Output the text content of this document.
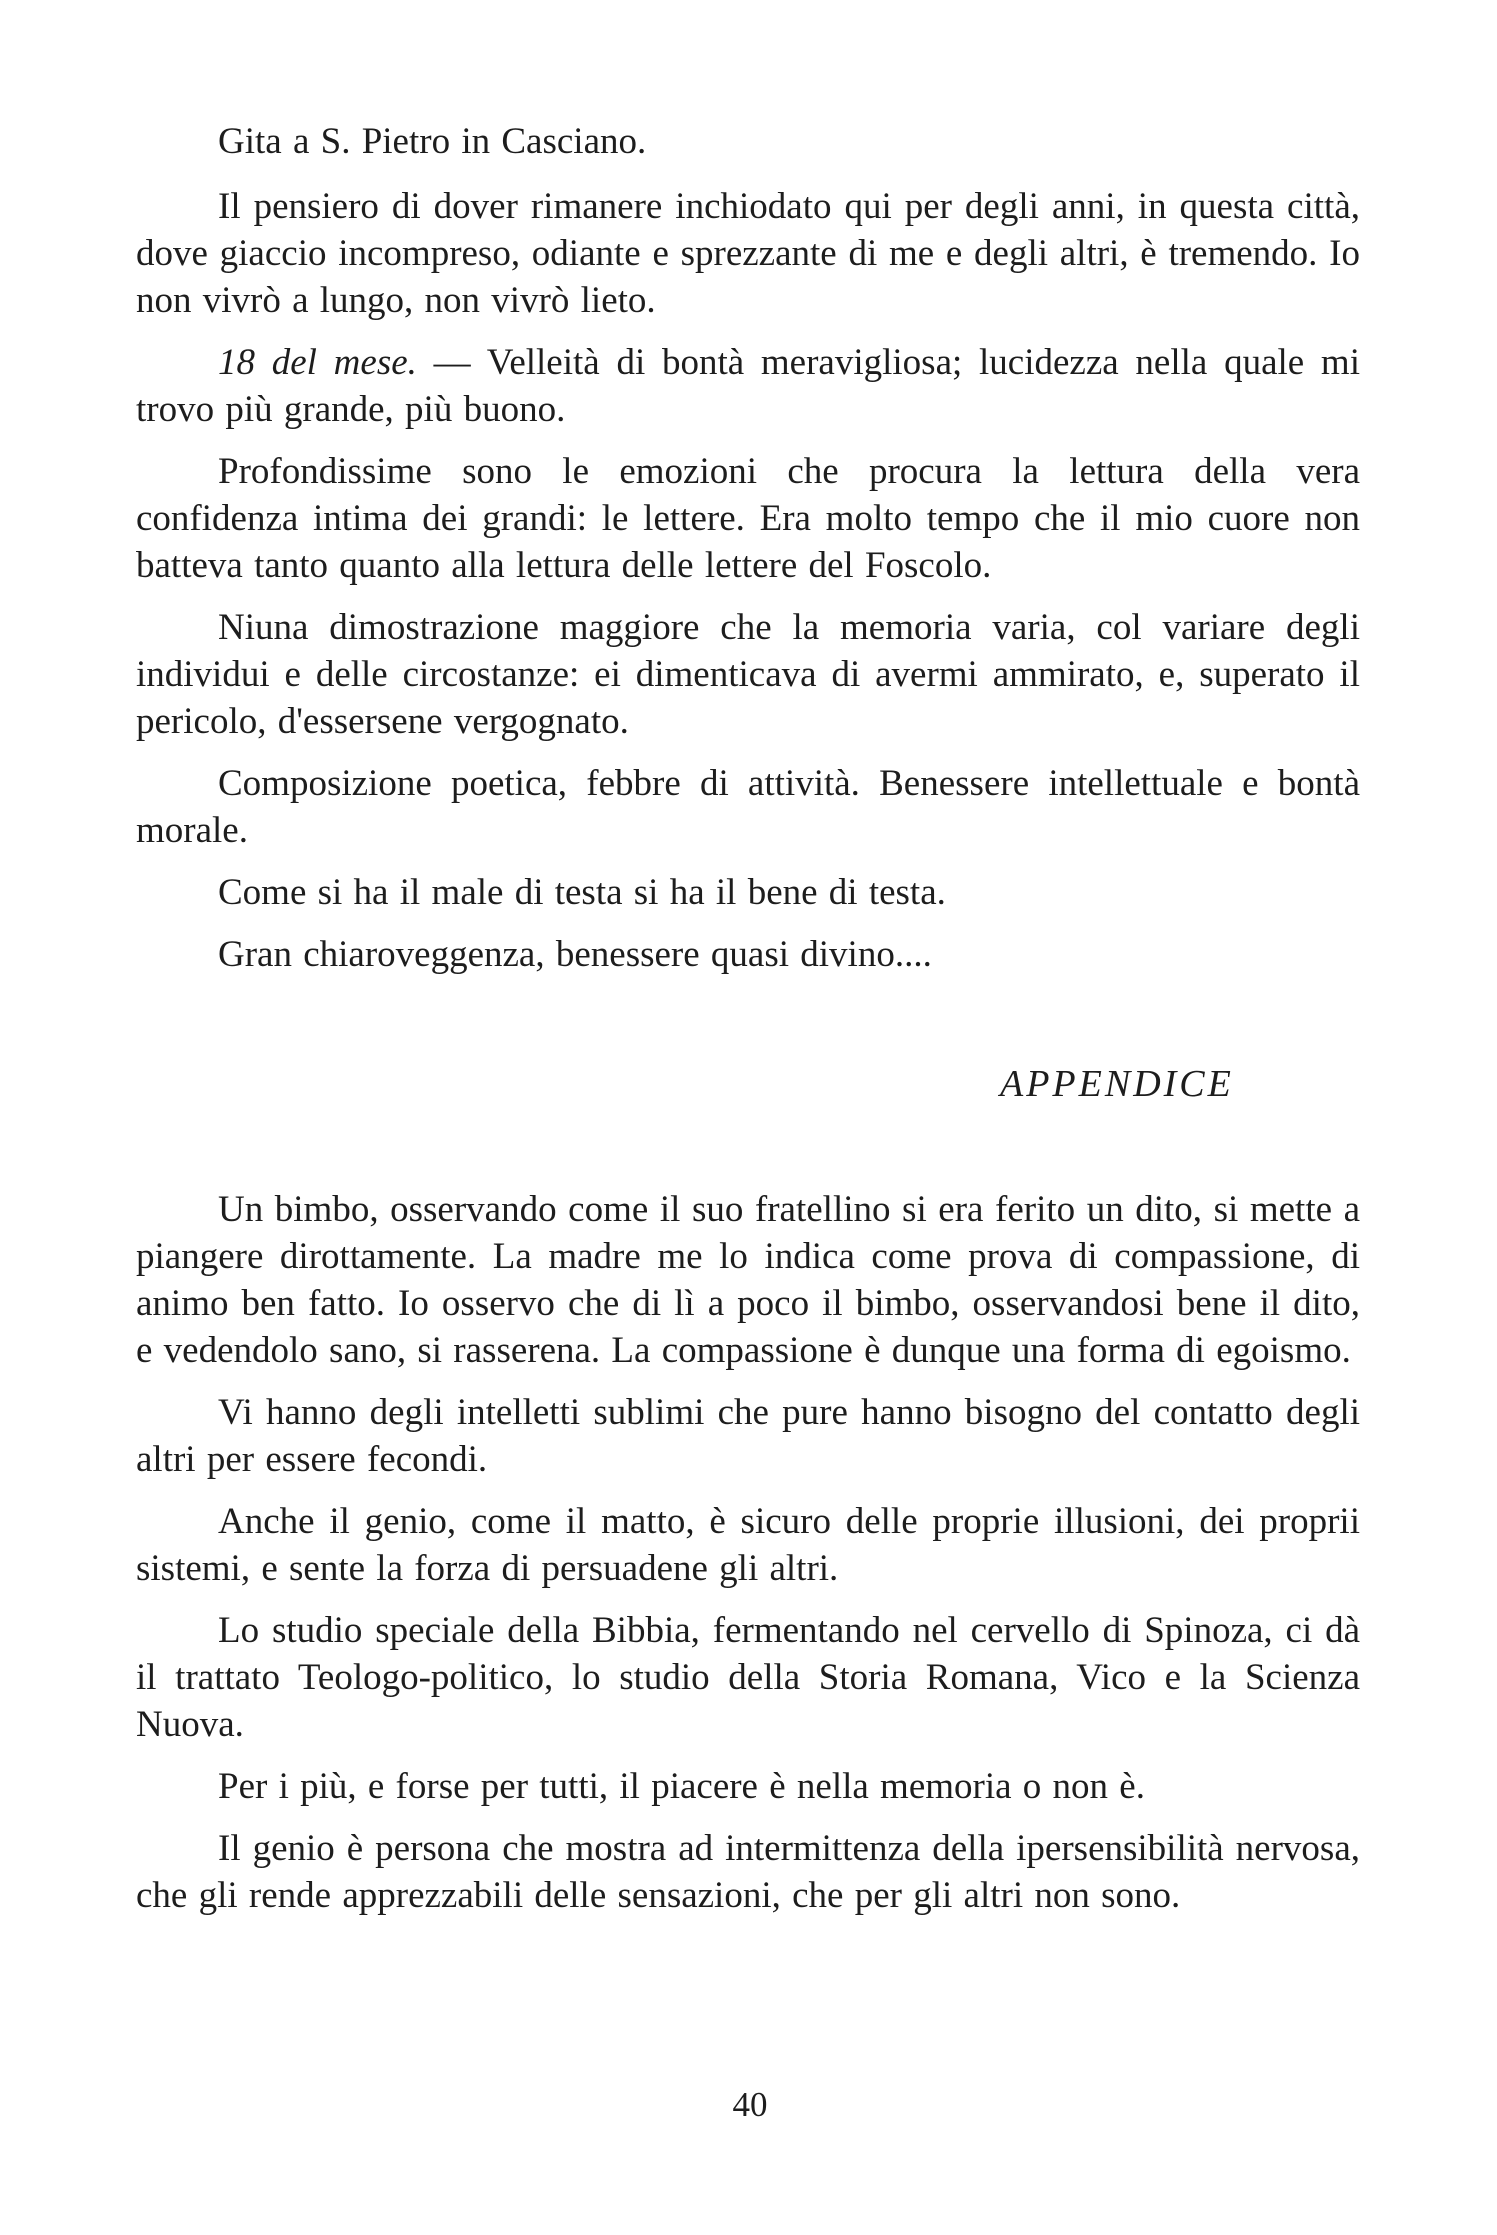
Gita a S. Pietro in Casciano.

Il pensiero di dover rimanere inchiodato qui per degli anni, in questa città, dove giaccio incompreso, odiante e sprezzante di me e degli altri, è tremendo. Io non vivrò a lungo, non vivrò lieto.

18 del mese. — Velleità di bontà meravigliosa; lucidezza nella quale mi trovo più grande, più buono.

Profondissime sono le emozioni che procura la lettura della vera confidenza intima dei grandi: le lettere. Era molto tempo che il mio cuore non batteva tanto quanto alla lettura delle lettere del Foscolo.

Niuna dimostrazione maggiore che la memoria varia, col variare degli individui e delle circostanze: ei dimenticava di avermi ammirato, e, superato il pericolo, d'essersene vergognato.

Composizione poetica, febbre di attività. Benessere intellettuale e bontà morale.

Come si ha il male di testa si ha il bene di testa.

Gran chiaroveggenza, benessere quasi divino....

APPENDICE

Un bimbo, osservando come il suo fratellino si era ferito un dito, si mette a piangere dirottamente. La madre me lo indica come prova di compassione, di animo ben fatto. Io osservo che di lì a poco il bimbo, osservandosi bene il dito, e vedendolo sano, si rasserena. La compassione è dunque una forma di egoismo.

Vi hanno degli intelletti sublimi che pure hanno bisogno del contatto degli altri per essere fecondi.

Anche il genio, come il matto, è sicuro delle proprie illusioni, dei proprii sistemi, e sente la forza di persuadene gli altri.

Lo studio speciale della Bibbia, fermentando nel cervello di Spinoza, ci dà il trattato Teologo-politico, lo studio della Storia Romana, Vico e la Scienza Nuova.

Per i più, e forse per tutti, il piacere è nella memoria o non è.

Il genio è persona che mostra ad intermittenza della ipersensibilità nervosa, che gli rende apprezzabili delle sensazioni, che per gli altri non sono.

40
